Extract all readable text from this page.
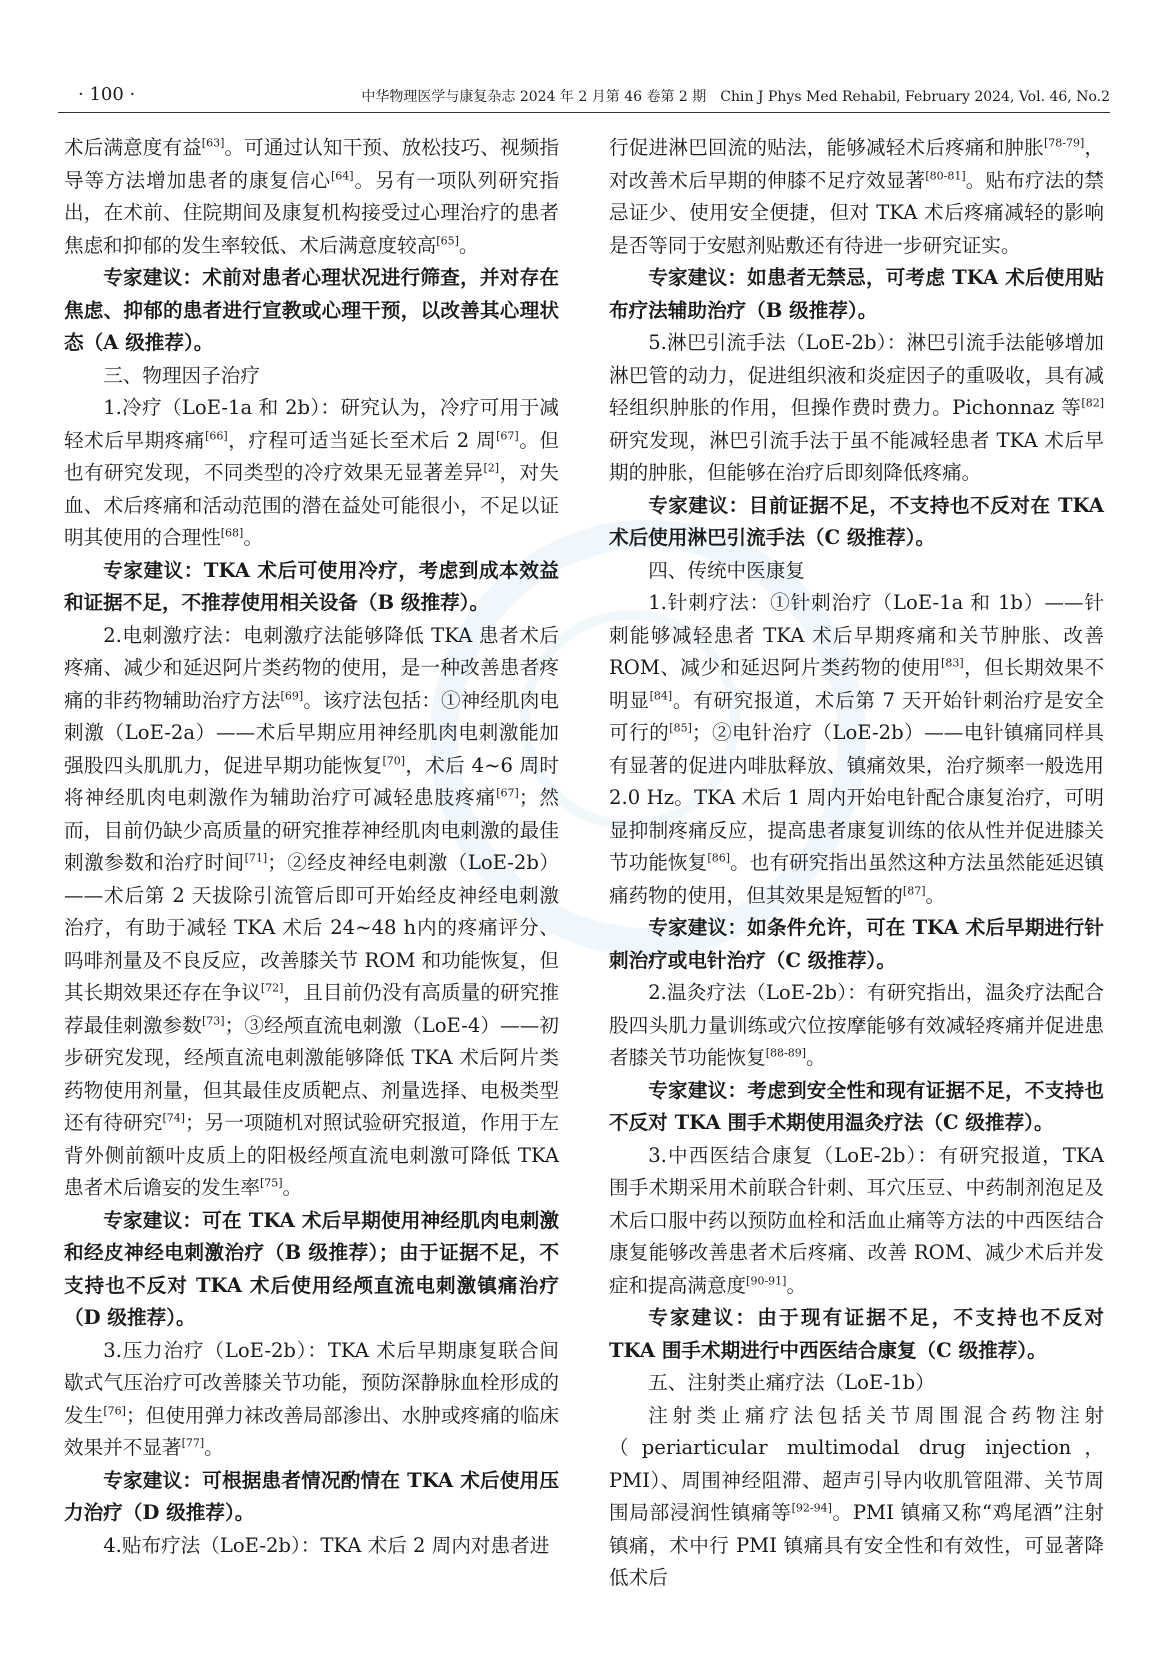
· 100 ·	中华物理医学与康复杂志 2024 年 2 月第 46 卷第 2 期　Chin J Phys Med Rehabil, February 2024, Vol. 46, No.2

术后满意度有益[63]。可通过认知干预、放松技巧、视频指导等方法增加患者的康复信心[64]。另有一项队列研究指出，在术前、住院期间及康复机构接受过心理治疗的患者焦虑和抑郁的发生率较低、术后满意度较高[65]。

专家建议：术前对患者心理状况进行筛查，并对存在焦虑、抑郁的患者进行宣教或心理干预，以改善其心理状态（A 级推荐）。

三、物理因子治疗

1.冷疗（LoE-1a 和 2b）：研究认为，冷疗可用于减轻术后早期疼痛[66]，疗程可适当延长至术后 2 周[67]。但也有研究发现，不同类型的冷疗效果无显著差异[2]，对失血、术后疼痛和活动范围的潜在益处可能很小，不足以证明其使用的合理性[68]。

专家建议：TKA 术后可使用冷疗，考虑到成本效益和证据不足，不推荐使用相关设备（B 级推荐）。

2.电刺激疗法：电刺激疗法能够降低 TKA 患者术后疼痛、减少和延迟阿片类药物的使用，是一种改善患者疼痛的非药物辅助治疗方法[69]。该疗法包括：①神经肌肉电刺激（LoE-2a）——术后早期应用神经肌肉电刺激能加强股四头肌肌力，促进早期功能恢复[70]，术后 4~6 周时将神经肌肉电刺激作为辅助治疗可减轻患肢疼痛[67]；然而，目前仍缺少高质量的研究推荐神经肌肉电刺激的最佳刺激参数和治疗时间[71]；②经皮神经电刺激（LoE-2b）——术后第 2 天拔除引流管后即可开始经皮神经电刺激治疗，有助于减轻 TKA 术后 24~48 h内的疼痛评分、吗啡剂量及不良反应，改善膝关节 ROM 和功能恢复，但其长期效果还存在争议[72]，且目前仍没有高质量的研究推荐最佳刺激参数[73]；③经颅直流电刺激（LoE-4）——初步研究发现，经颅直流电刺激能够降低 TKA 术后阿片类药物使用剂量，但其最佳皮质靶点、剂量选择、电极类型还有待研究[74]；另一项随机对照试验研究报道，作用于左背外侧前额叶皮质上的阳极经颅直流电刺激可降低 TKA 患者术后谵妄的发生率[75]。

专家建议：可在 TKA 术后早期使用神经肌肉电刺激和经皮神经电刺激治疗（B 级推荐）；由于证据不足，不支持也不反对 TKA 术后使用经颅直流电刺激镇痛治疗（D 级推荐）。

3.压力治疗（LoE-2b）：TKA 术后早期康复联合间歇式气压治疗可改善膝关节功能，预防深静脉血栓形成的发生[76]；但使用弹力袜改善局部渗出、水肿或疼痛的临床效果并不显著[77]。

专家建议：可根据患者情况酌情在 TKA 术后使用压力治疗（D 级推荐）。

4.贴布疗法（LoE-2b）：TKA 术后 2 周内对患者进

行促进淋巴回流的贴法，能够减轻术后疼痛和肿胀[78-79]，对改善术后早期的伸膝不足疗效显著[80-81]。贴布疗法的禁忌证少、使用安全便捷，但对 TKA 术后疼痛减轻的影响是否等同于安慰剂贴敷还有待进一步研究证实。

专家建议：如患者无禁忌，可考虑 TKA 术后使用贴布疗法辅助治疗（B 级推荐）。

5.淋巴引流手法（LoE-2b）：淋巴引流手法能够增加淋巴管的动力，促进组织液和炎症因子的重吸收，具有减轻组织肿胀的作用，但操作费时费力。Pichonnaz 等[82]研究发现，淋巴引流手法于虽不能减轻患者 TKA 术后早期的肿胀，但能够在治疗后即刻降低疼痛。

专家建议：目前证据不足，不支持也不反对在 TKA 术后使用淋巴引流手法（C 级推荐）。

四、传统中医康复

1.针刺疗法：①针刺治疗（LoE-1a 和 1b）——针刺能够减轻患者 TKA 术后早期疼痛和关节肿胀、改善 ROM、减少和延迟阿片类药物的使用[83]，但长期效果不明显[84]。有研究报道，术后第 7 天开始针刺治疗是安全可行的[85]；②电针治疗（LoE-2b）——电针镇痛同样具有显著的促进内啡肽释放、镇痛效果，治疗频率一般选用 2.0 Hz。TKA 术后 1 周内开始电针配合康复治疗，可明显抑制疼痛反应，提高患者康复训练的依从性并促进膝关节功能恢复[86]。也有研究指出虽然这种方法虽然能延迟镇痛药物的使用，但其效果是短暂的[87]。

专家建议：如条件允许，可在 TKA 术后早期进行针刺治疗或电针治疗（C 级推荐）。

2.温灸疗法（LoE-2b）：有研究指出，温灸疗法配合股四头肌力量训练或穴位按摩能够有效减轻疼痛并促进患者膝关节功能恢复[88-89]。

专家建议：考虑到安全性和现有证据不足，不支持也不反对 TKA 围手术期使用温灸疗法（C 级推荐）。

3.中西医结合康复（LoE-2b）：有研究报道，TKA 围手术期采用术前联合针刺、耳穴压豆、中药制剂泡足及术后口服中药以预防血栓和活血止痛等方法的中西医结合康复能够改善患者术后疼痛、改善 ROM、减少术后并发症和提高满意度[90-91]。

专家建议：由于现有证据不足，不支持也不反对 TKA 围手术期进行中西医结合康复（C 级推荐）。

五、注射类止痛疗法（LoE-1b）

注射类止痛疗法包括关节周围混合药物注射（periarticular multimodal drug injection，PMI）、周围神经阻滞、超声引导内收肌管阻滞、关节周围局部浸润性镇痛等[92-94]。PMI 镇痛又称“鸡尾酒”注射镇痛，术中行 PMI 镇痛具有安全性和有效性，可显著降低术后
